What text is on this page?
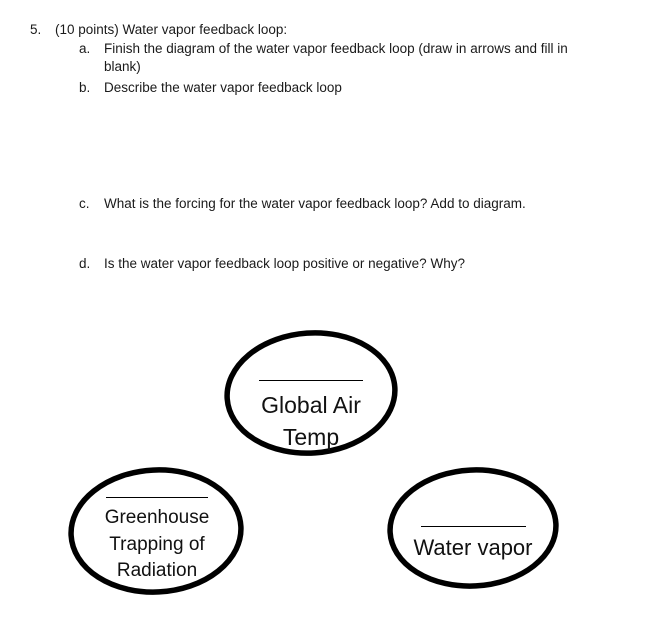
5. (10 points) Water vapor feedback loop:
a. Finish the diagram of the water vapor feedback loop (draw in arrows and fill in
blank)
b. Describe the water vapor feedback loop
c. What is the forcing for the water vapor feedback loop? Add to diagram.
d. Is the water vapor feedback loop positive or negative? Why?
Global Air
Temp
Greenhouse
Trapping of
Radiation
Water vapor
